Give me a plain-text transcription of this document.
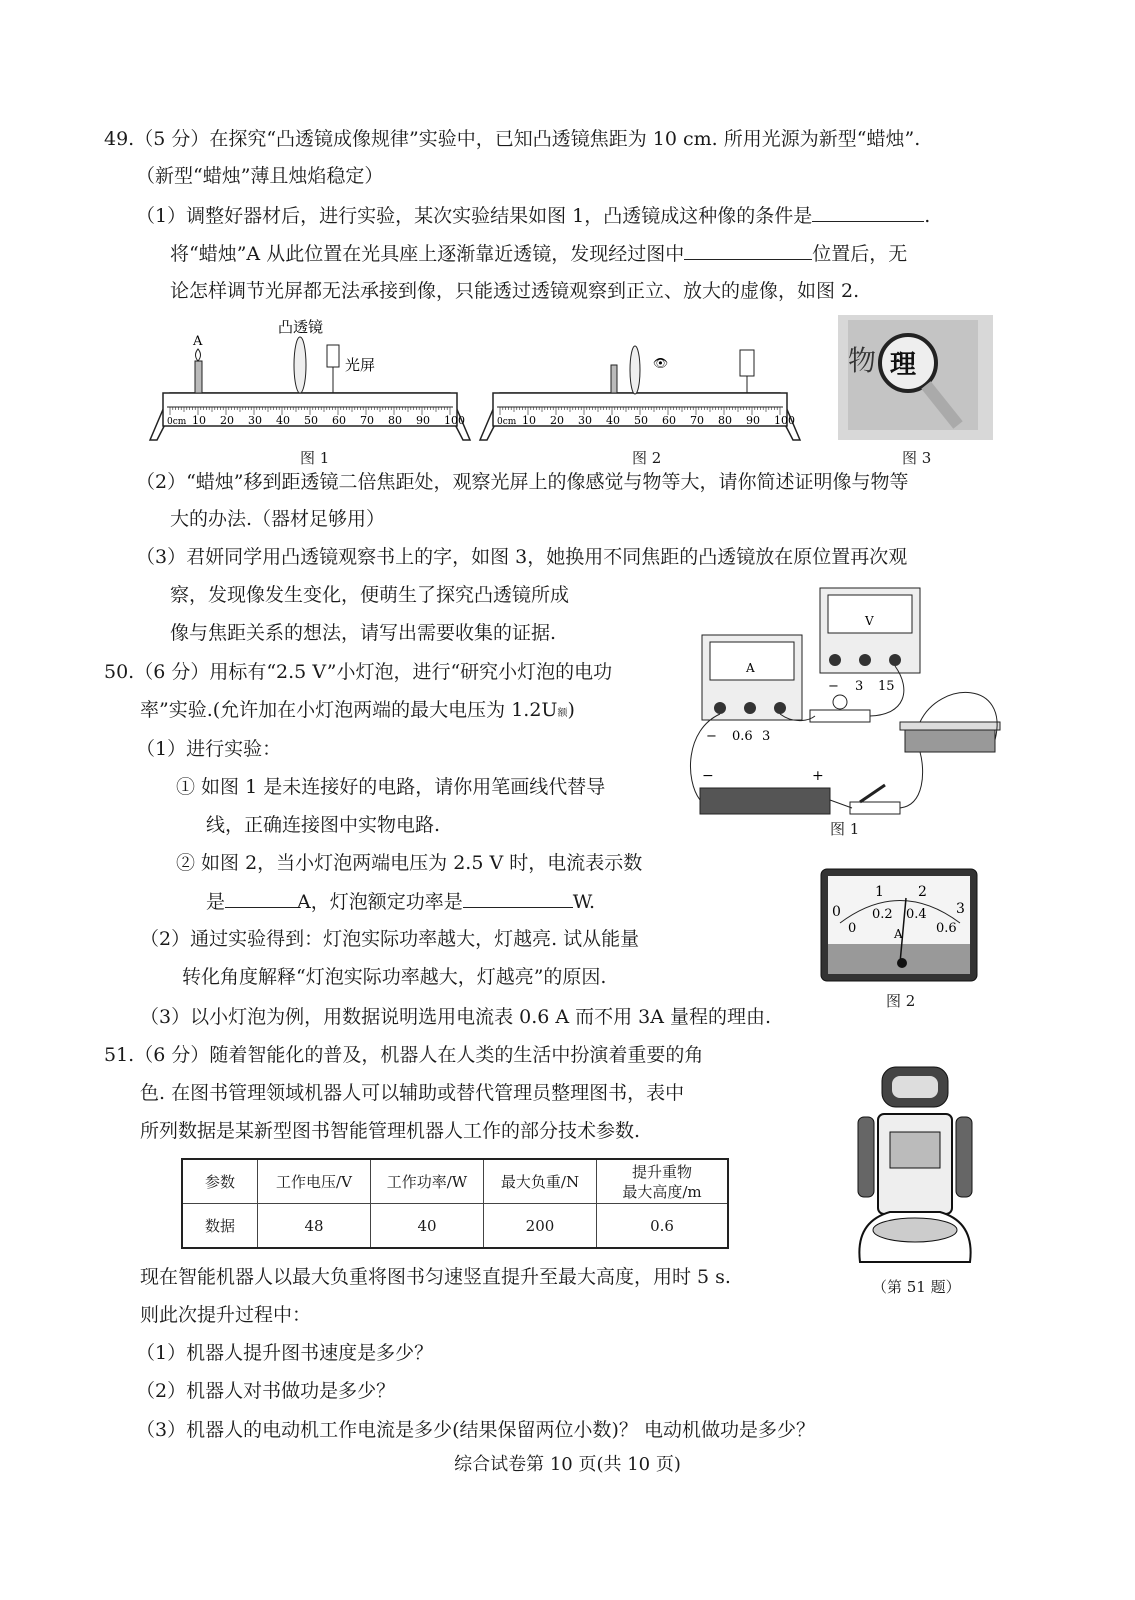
49.（5 分）在探究“凸透镜成像规律”实验中，已知凸透镜焦距为 10 cm. 所用光源为新型“蜡烛”.
（新型“蜡烛”薄且烛焰稳定）
（1）调整好器材后，进行实验，某次实验结果如图 1，凸透镜成这种像的条件是	.
将“蜡烛”A 从此位置在光具座上逐渐靠近透镜，发现经过图中	位置后，无
论怎样调节光屏都无法承接到像，只能透过透镜观察到正立、放大的虚像，如图 2.
0cm 10 20 30 40 50 60 70 80 90 100
A
凸透镜
光屏
图 1
0cm 10 20 30 40 50 60 70 80 90 100
👁
图 2
物 理
图 3
（2）“蜡烛”移到距透镜二倍焦距处，观察光屏上的像感觉与物等大，请你简述证明像与物等
大的办法.（器材足够用）
（3）君妍同学用凸透镜观察书上的字，如图 3，她换用不同焦距的凸透镜放在原位置再次观
察，发现像发生变化，便萌生了探究凸透镜所成
像与焦距关系的想法，请写出需要收集的证据.
A
− 0.6 3
V
− 3 15
−	+
图 1
0
1 2
3
0
0.2 0.4
0.6
A
图 2
50.（6 分）用标有“2.5 V”小灯泡，进行“研究小灯泡的电功
率”实验.(允许加在小灯泡两端的最大电压为 1.2U额)
（1）进行实验：
① 如图 1 是未连接好的电路，请你用笔画线代替导
线，正确连接图中实物电路.
② 如图 2，当小灯泡两端电压为 2.5 V 时，电流表示数
是	A，灯泡额定功率是	W.
（2）通过实验得到：灯泡实际功率越大，灯越亮. 试从能量
转化角度解释“灯泡实际功率越大，灯越亮”的原因.
（3）以小灯泡为例，用数据说明选用电流表 0.6 A 而不用 3A 量程的理由.
51.（6 分）随着智能化的普及，机器人在人类的生活中扮演着重要的角
色. 在图书管理领域机器人可以辅助或替代管理员整理图书，表中
所列数据是某新型图书智能管理机器人工作的部分技术参数.
参数	工作电压/V	工作功率/W	最大负重/N	提升重物
最大高度/m
数据	48	40	200	0.6
（第 51 题）
现在智能机器人以最大负重将图书匀速竖直提升至最大高度，用时 5 s.
则此次提升过程中：
（1）机器人提升图书速度是多少？
（2）机器人对书做功是多少？
（3）机器人的电动机工作电流是多少(结果保留两位小数)？ 电动机做功是多少？
综合试卷第 10 页(共 10 页)
